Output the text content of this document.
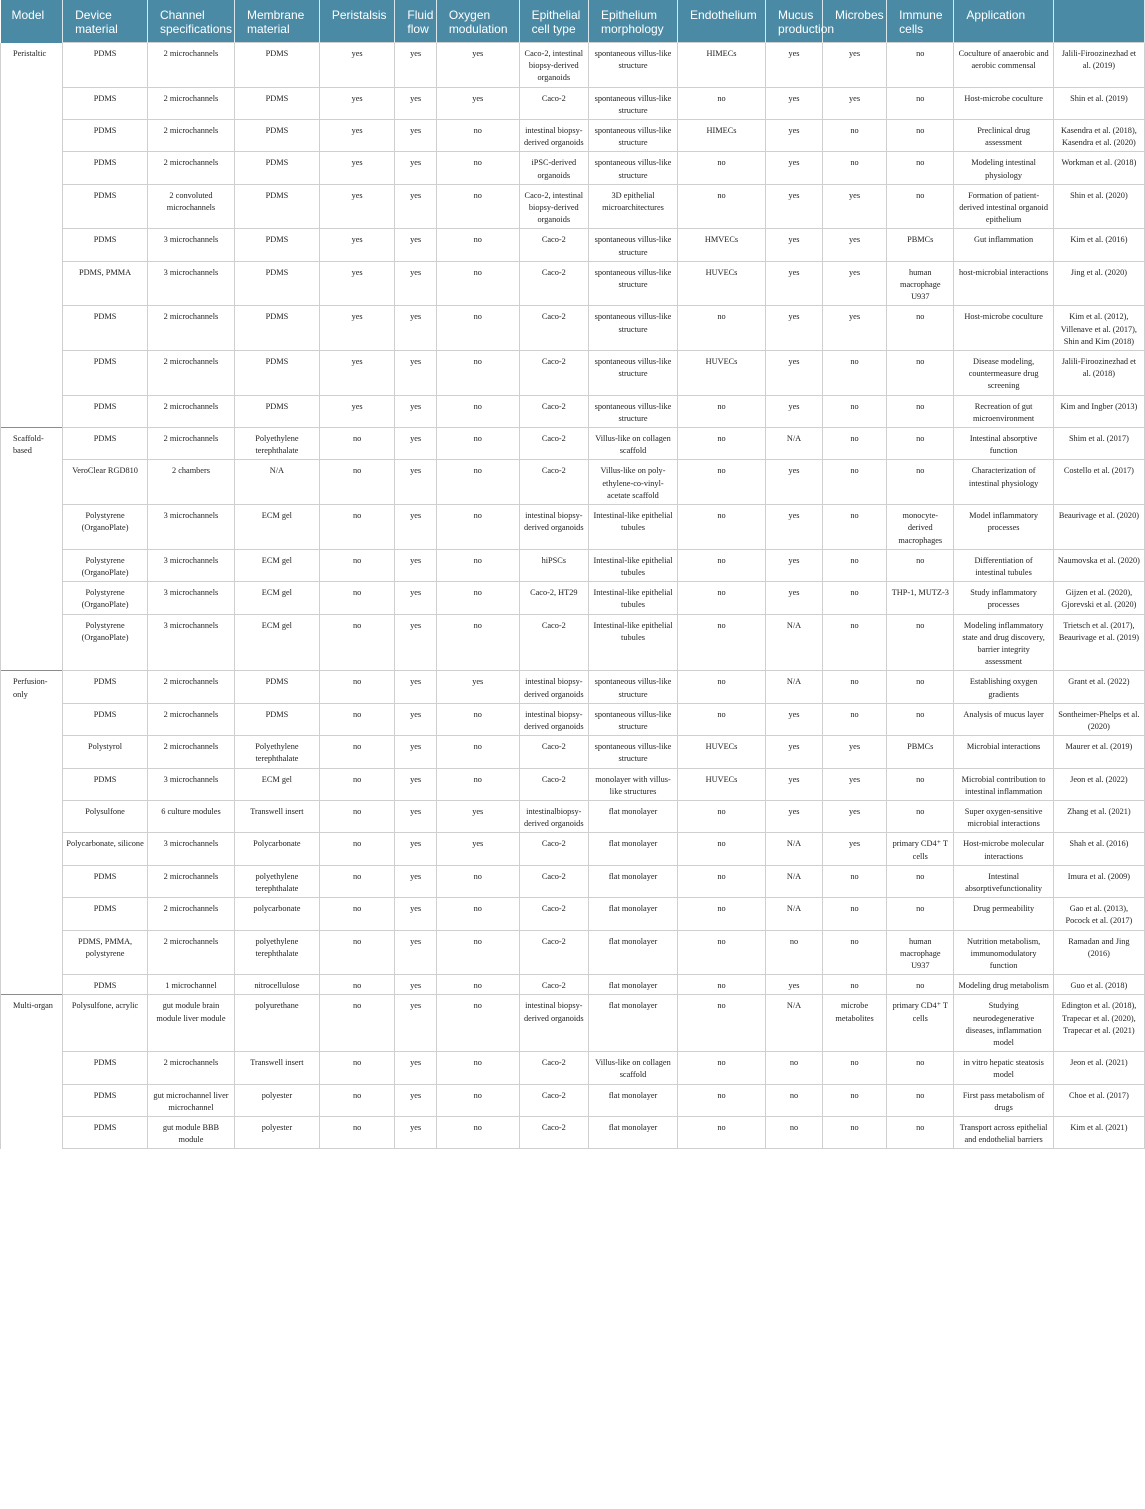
Model	Device material	Channel specifications	Membrane material	Peristalsis	Fluid flow	Oxygen modulation	Epithelial cell type	Epithelium morphology	Endothelium	Mucus production	Microbes	Immune cells	Application	
Peristaltic	PDMS	2 microchannels	PDMS	yes	yes	yes	Caco-2, intestinal biopsy-derived organoids	spontaneous villus-like structure	HIMECs	yes	yes	no	Coculture of anaerobic and aerobic commensal	Jalili-Firoozinezhad et al. (2019)
	PDMS	2 microchannels	PDMS	yes	yes	yes	Caco-2	spontaneous villus-like structure	no	yes	yes	no	Host-microbe coculture	Shin et al. (2019)
	PDMS	2 microchannels	PDMS	yes	yes	no	intestinal biopsy-derived organoids	spontaneous villus-like structure	HIMECs	yes	no	no	Preclinical drug assessment	Kasendra et al. (2018), Kasendra et al. (2020)
	PDMS	2 microchannels	PDMS	yes	yes	no	iPSC-derived organoids	spontaneous villus-like structure	no	yes	no	no	Modeling intestinal physiology	Workman et al. (2018)
	PDMS	2 convoluted microchannels	PDMS	yes	yes	no	Caco-2, intestinal biopsy-derived organoids	3D epithelial microarchitectures	no	yes	yes	no	Formation of patient-derived intestinal organoid epithelium	Shin et al. (2020)
	PDMS	3 microchannels	PDMS	yes	yes	no	Caco-2	spontaneous villus-like structure	HMVECs	yes	yes	PBMCs	Gut inflammation	Kim et al. (2016)
	PDMS, PMMA	3 microchannels	PDMS	yes	yes	no	Caco-2	spontaneous villus-like structure	HUVECs	yes	yes	human macrophage U937	host-microbial interactions	Jing et al. (2020)
	PDMS	2 microchannels	PDMS	yes	yes	no	Caco-2	spontaneous villus-like structure	no	yes	yes	no	Host-microbe coculture	Kim et al. (2012), Villenave et al. (2017), Shin and Kim (2018)
	PDMS	2 microchannels	PDMS	yes	yes	no	Caco-2	spontaneous villus-like structure	HUVECs	yes	no	no	Disease modeling, countermeasure drug screening	Jalili-Firoozinezhad et al. (2018)
	PDMS	2 microchannels	PDMS	yes	yes	no	Caco-2	spontaneous villus-like structure	no	yes	no	no	Recreation of gut microenvironment	Kim and Ingber (2013)
Scaffold-based	PDMS	2 microchannels	Polyethylene terephthalate	no	yes	no	Caco-2	Villus-like on collagen scaffold	no	N/A	no	no	Intestinal absorptive function	Shim et al. (2017)
	VeroClear RGD810	2 chambers	N/A	no	yes	no	Caco-2	Villus-like on poly-ethylene-co-vinyl-acetate scaffold	no	yes	no	no	Characterization of intestinal physiology	Costello et al. (2017)
	Polystyrene (OrganoPlate)	3 microchannels	ECM gel	no	yes	no	intestinal biopsy-derived organoids	Intestinal-like epithelial tubules	no	yes	no	monocyte-derived macrophages	Model inflammatory processes	Beaurivage et al. (2020)
	Polystyrene (OrganoPlate)	3 microchannels	ECM gel	no	yes	no	hiPSCs	Intestinal-like epithelial tubules	no	yes	no	no	Differentiation of intestinal tubules	Naumovska et al. (2020)
	Polystyrene (OrganoPlate)	3 microchannels	ECM gel	no	yes	no	Caco-2, HT29	Intestinal-like epithelial tubules	no	yes	no	THP-1, MUTZ-3	Study inflammatory processes	Gijzen et al. (2020), Gjorevski et al. (2020)
	Polystyrene (OrganoPlate)	3 microchannels	ECM gel	no	yes	no	Caco-2	Intestinal-like epithelial tubules	no	N/A	no	no	Modeling inflammatory state and drug discovery, barrier integrity assessment	Trietsch et al. (2017), Beaurivage et al. (2019)
Perfusion-only	PDMS	2 microchannels	PDMS	no	yes	yes	intestinal biopsy-derived organoids	spontaneous villus-like structure	no	N/A	no	no	Establishing oxygen gradients	Grant et al. (2022)
	PDMS	2 microchannels	PDMS	no	yes	no	intestinal biopsy-derived organoids	spontaneous villus-like structure	no	yes	no	no	Analysis of mucus layer	Sontheimer-Phelps et al. (2020)
	Polystyrol	2 microchannels	Polyethylene terephthalate	no	yes	no	Caco-2	spontaneous villus-like structure	HUVECs	yes	yes	PBMCs	Microbial interactions	Maurer et al. (2019)
	PDMS	3 microchannels	ECM gel	no	yes	no	Caco-2	monolayer with villus-like structures	HUVECs	yes	yes	no	Microbial contribution to intestinal inflammation	Jeon et al. (2022)
	Polysulfone	6 culture modules	Transwell insert	no	yes	yes	intestinalbiopsy-derived organoids	flat monolayer	no	yes	yes	no	Super oxygen-sensitive microbial interactions	Zhang et al. (2021)
	Polycarbonate, silicone	3 microchannels	Polycarbonate	no	yes	yes	Caco-2	flat monolayer	no	N/A	yes	primary CD4⁺ T cells	Host-microbe molecular interactions	Shah et al. (2016)
	PDMS	2 microchannels	polyethylene terephthalate	no	yes	no	Caco-2	flat monolayer	no	N/A	no	no	Intestinal absorptivefunctionality	Imura et al. (2009)
	PDMS	2 microchannels	polycarbonate	no	yes	no	Caco-2	flat monolayer	no	N/A	no	no	Drug permeability	Gao et al. (2013), Pocock et al. (2017)
	PDMS, PMMA, polystyrene	2 microchannels	polyethylene terephthalate	no	yes	no	Caco-2	flat monolayer	no	no	no	human macrophage U937	Nutrition metabolism, immunomodulatory function	Ramadan and Jing (2016)
	PDMS	1 microchannel	nitrocellulose	no	yes	no	Caco-2	flat monolayer	no	yes	no	no	Modeling drug metabolism	Guo et al. (2018)
Multi-organ	Polysulfone, acrylic	gut module brain module liver module	polyurethane	no	yes	no	intestinal biopsy-derived organoids	flat monolayer	no	N/A	microbe metabolites	primary CD4⁺ T cells	Studying neurodegenerative diseases, inflammation model	Edington et al. (2018), Trapecar et al. (2020), Trapecar et al. (2021)
	PDMS	2 microchannels	Transwell insert	no	yes	no	Caco-2	Villus-like on collagen scaffold	no	no	no	no	in vitro hepatic steatosis model	Jeon et al. (2021)
	PDMS	gut microchannel liver microchannel	polyester	no	yes	no	Caco-2	flat monolayer	no	no	no	no	First pass metabolism of drugs	Choe et al. (2017)
	PDMS	gut module BBB module	polyester	no	yes	no	Caco-2	flat monolayer	no	no	no	no	Transport across epithelial and endothelial barriers	Kim et al. (2021)
